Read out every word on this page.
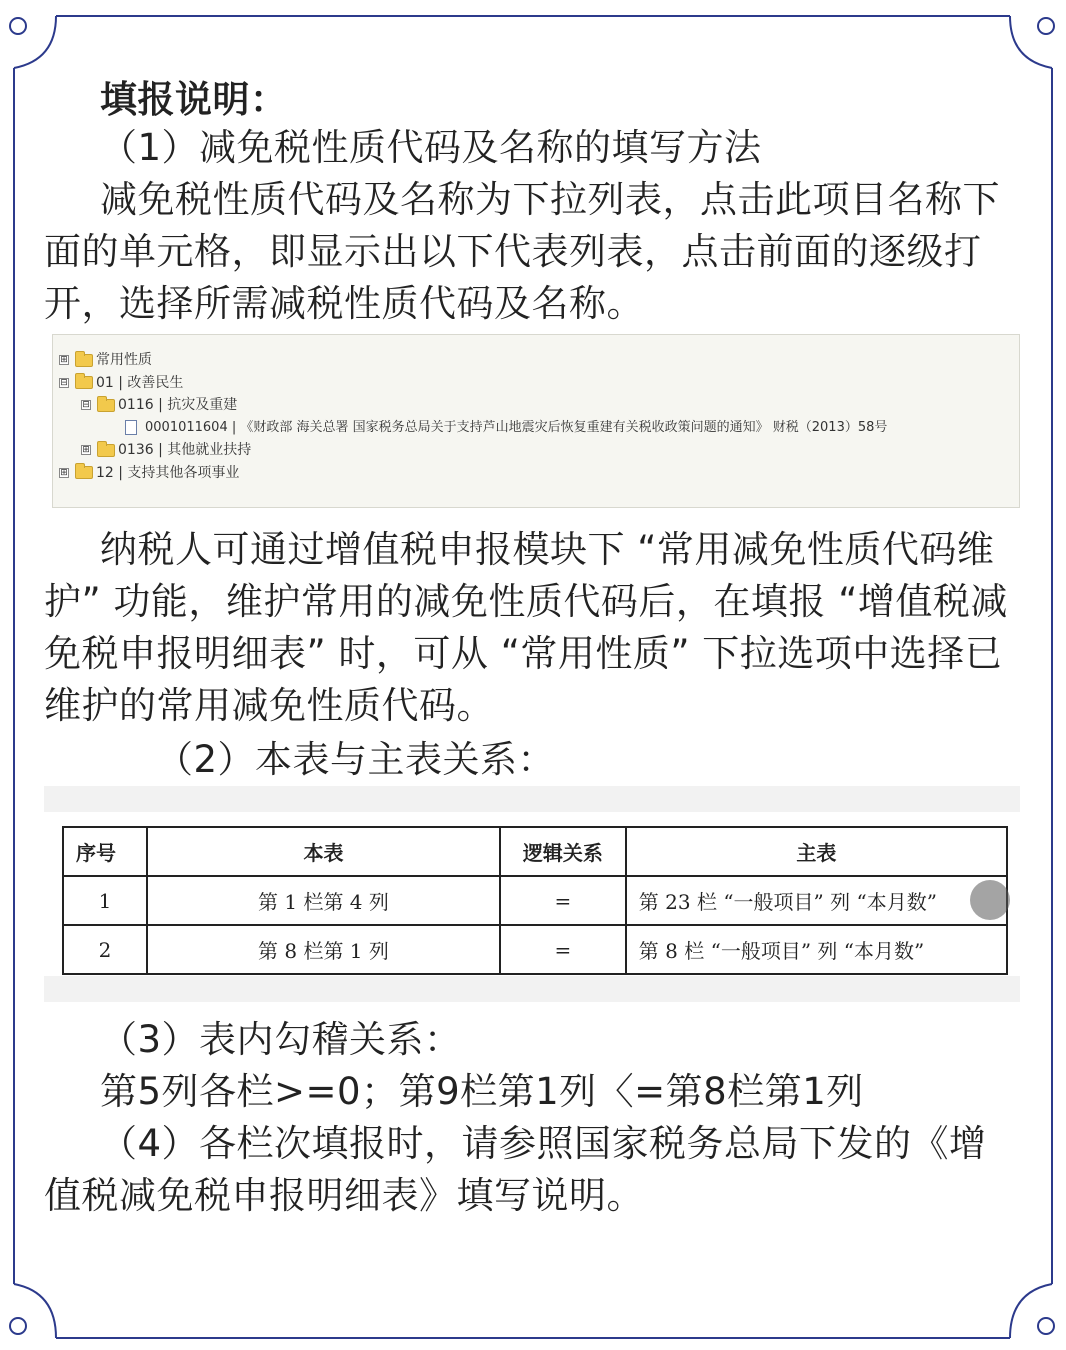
填报说明：
（1）减免税性质代码及名称的填写方法
减免税性质代码及名称为下拉列表，点击此项目名称下面的单元格，即显示出以下代表列表，点击前面的逐级打开，选择所需减税性质代码及名称。
⊞ 常用性质
⊟ 01 | 改善民生
⊟ 0116 | 抗灾及重建
0001011604 | 《财政部 海关总署 国家税务总局关于支持芦山地震灾后恢复重建有关税收政策问题的通知》 财税（2013）58号
⊞ 0136 | 其他就业扶持
⊞ 12 | 支持其他各项事业
纳税人可通过增值税申报模块下 “常用减免性质代码维护” 功能，维护常用的减免性质代码后，在填报 “增值税减免税申报明细表” 时，可从 “常用性质” 下拉选项中选择已维护的常用减免性质代码。
（2）本表与主表关系：
序号	本表	逻辑关系	主表
1	第 1 栏第 4 列	=	第 23 栏 “一般项目” 列 “本月数”
2	第 8 栏第 1 列	=	第 8 栏 “一般项目” 列 “本月数”
（3）表内勾稽关系：
第5列各栏>=0；第9栏第1列〈=第8栏第1列
（4）各栏次填报时，请参照国家税务总局下发的《增值税减免税申报明细表》填写说明。
